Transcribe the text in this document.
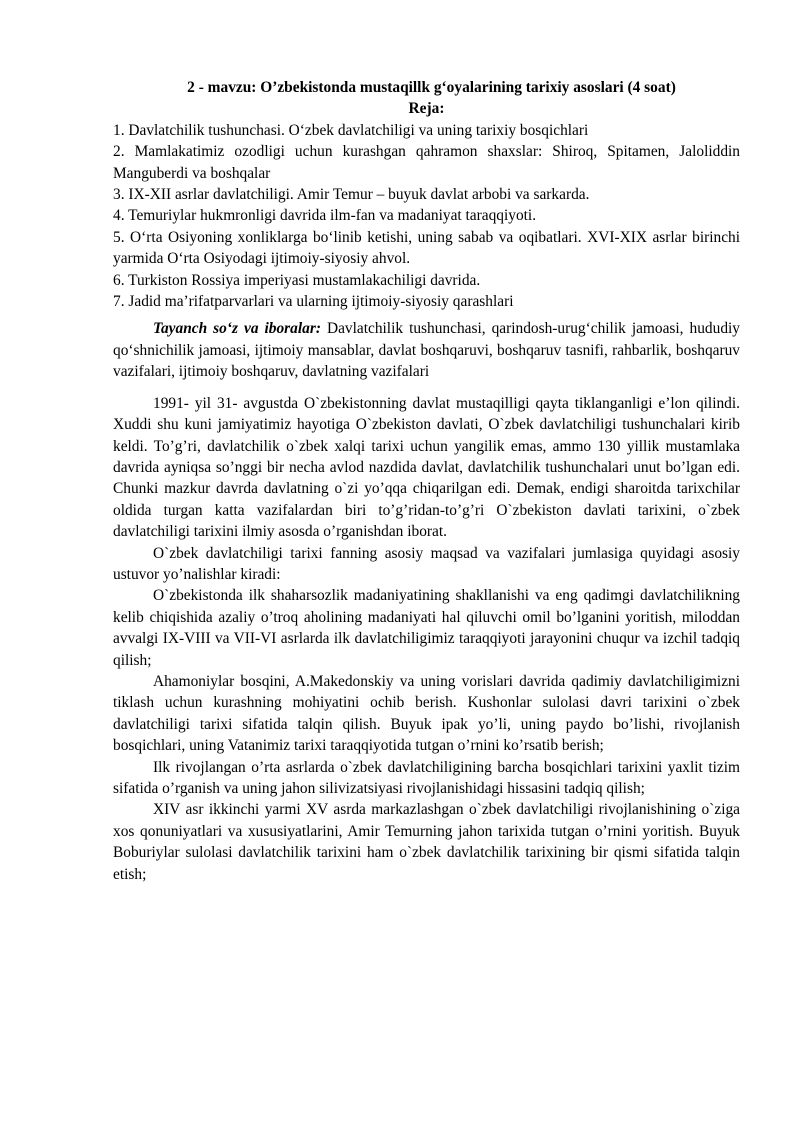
2 - mavzu: O’zbekistonda mustaqillk g‘oyalarining tarixiy asoslari (4 soat)
Reja:
1. Davlatchilik tushunchasi. O‘zbek davlatchiligi va uning tarixiy bosqichlari
2. Mamlakatimiz ozodligi uchun kurashgan qahramon shaxslar: Shiroq, Spitamen, Jaloliddin Manguberdi va boshqalar
3. IX-XII asrlar davlatchiligi. Amir Temur – buyuk davlat arbobi va sarkarda.
4. Temuriylar hukmronligi davrida ilm-fan va madaniyat taraqqiyoti.
5. O‘rta Osiyoning xonliklarga bo‘linib ketishi, uning sabab va oqibatlari. XVI-XIX asrlar birinchi yarmida O‘rta Osiyodagi ijtimoiy-siyosiy ahvol.
6. Turkiston Rossiya imperiyasi mustamlakachiligi davrida.
7. Jadid ma’rifatparvarlari va ularning ijtimoiy-siyosiy qarashlari

Tayanch so‘z va iboralar: Davlatchilik tushunchasi, qarindosh-urug‘chilik jamoasi, hududiy qo‘shnichilik jamoasi, ijtimoiy mansablar, davlat boshqaruvi, boshqaruv tasnifi, rahbarlik, boshqaruv vazifalari, ijtimoiy boshqaruv, davlatning vazifalari

1991- yil 31- avgustda O`zbekistonning davlat mustaqilligi qayta tiklanganligi e’lon qilindi. Xuddi shu kuni jamiyatimiz hayotiga O`zbekiston davlati, O`zbek davlatchiligi tushunchalari kirib keldi. To’g’ri, davlatchilik o`zbek xalqi tarixi uchun yangilik emas, ammo 130 yillik mustamlaka davrida ayniqsa so’nggi bir necha avlod nazdida davlat, davlatchilik tushunchalari unut bo’lgan edi. Chunki mazkur davrda davlatning o`zi yo’qqa chiqarilgan edi. Demak, endigi sharoitda tarixchilar oldida turgan katta vazifalardan biri to’g’ridan-to’g’ri O`zbekiston davlati tarixini, o`zbek davlatchiligi tarixini ilmiy asosda o’rganishdan iborat.

O`zbek davlatchiligi tarixi fanning asosiy maqsad va vazifalari jumlasiga quyidagi asosiy ustuvor yo’nalishlar kiradi:

O`zbekistonda ilk shaharsozlik madaniyatining shakllanishi va eng qadimgi davlatchilikning kelib chiqishida azaliy o’troq aholining madaniyati hal qiluvchi omil bo’lganini yoritish, miloddan avvalgi IX-VIII va VII-VI asrlarda ilk davlatchiligimiz taraqqiyoti jarayonini chuqur va izchil tadqiq qilish;

Ahamoniylar bosqini, A.Makedonskiy va uning vorislari davrida qadimiy davlatchiligimizni tiklash uchun kurashning mohiyatini ochib berish. Kushonlar sulolasi davri tarixini o`zbek davlatchiligi tarixi sifatida talqin qilish. Buyuk ipak yo’li, uning paydo bo’lishi, rivojlanish bosqichlari, uning Vatanimiz tarixi taraqqiyotida tutgan o’rnini ko’rsatib berish;

Ilk rivojlangan o’rta asrlarda o`zbek davlatchiligining barcha bosqichlari tarixini yaxlit tizim sifatida o’rganish va uning jahon silivizatsiyasi rivojlanishidagi hissasini tadqiq qilish;

XIV asr ikkinchi yarmi XV asrda markazlashgan o`zbek davlatchiligi rivojlanishining o`ziga xos qonuniyatlari va xususiyatlarini, Amir Temurning jahon tarixida tutgan o’rnini yoritish. Buyuk Boburiylar sulolasi davlatchilik tarixini ham o`zbek davlatchilik tarixining bir qismi sifatida talqin etish;
